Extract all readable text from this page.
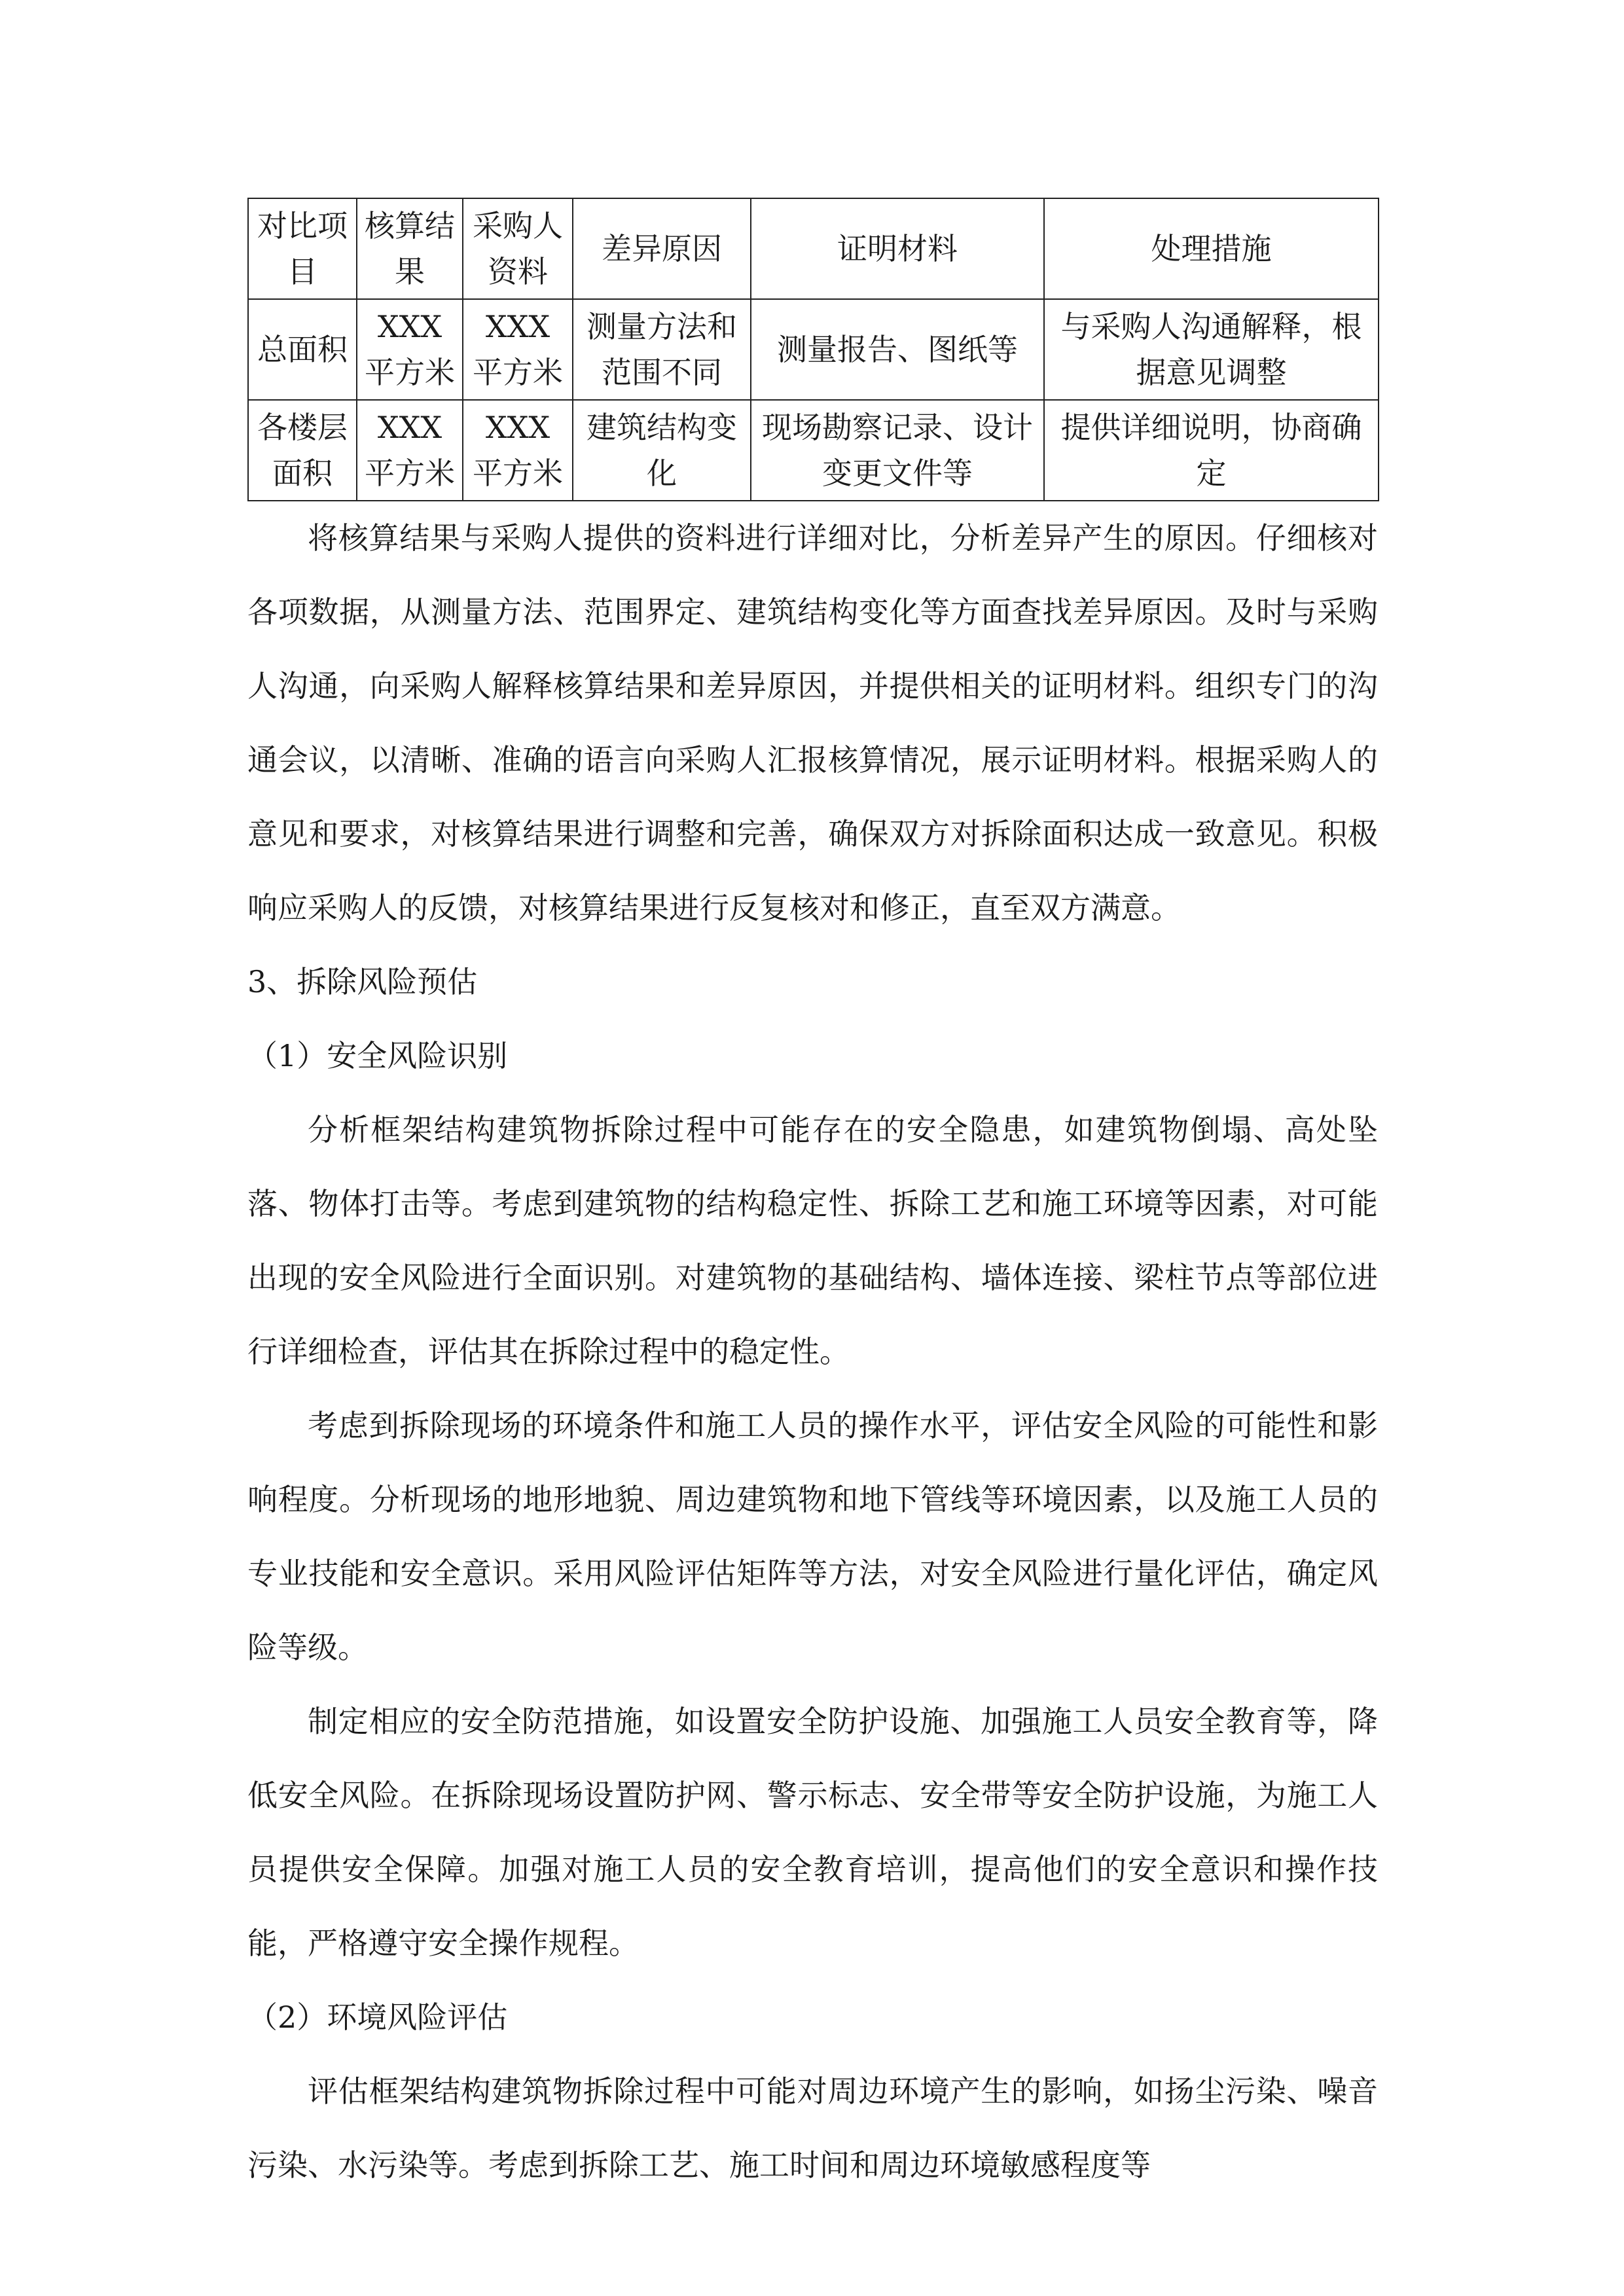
对比项目	核算结果	采购人资料	差异原因	证明材料	处理措施
总面积	XXX 平方米	XXX 平方米	测量方法和范围不同	测量报告、图纸等	与采购人沟通解释，根据意见调整
各楼层面积	XXX 平方米	XXX 平方米	建筑结构变化	现场勘察记录、设计变更文件等	提供详细说明，协商确定

将核算结果与采购人提供的资料进行详细对比，分析差异产生的原因。仔细核对各项数据，从测量方法、范围界定、建筑结构变化等方面查找差异原因。及时与采购人沟通，向采购人解释核算结果和差异原因，并提供相关的证明材料。组织专门的沟通会议，以清晰、准确的语言向采购人汇报核算情况，展示证明材料。根据采购人的意见和要求，对核算结果进行调整和完善，确保双方对拆除面积达成一致意见。积极响应采购人的反馈，对核算结果进行反复核对和修正，直至双方满意。

3、拆除风险预估
（1）安全风险识别

分析框架结构建筑物拆除过程中可能存在的安全隐患，如建筑物倒塌、高处坠落、物体打击等。考虑到建筑物的结构稳定性、拆除工艺和施工环境等因素，对可能出现的安全风险进行全面识别。对建筑物的基础结构、墙体连接、梁柱节点等部位进行详细检查，评估其在拆除过程中的稳定性。

考虑到拆除现场的环境条件和施工人员的操作水平，评估安全风险的可能性和影响程度。分析现场的地形地貌、周边建筑物和地下管线等环境因素，以及施工人员的专业技能和安全意识。采用风险评估矩阵等方法，对安全风险进行量化评估，确定风险等级。

制定相应的安全防范措施，如设置安全防护设施、加强施工人员安全教育等，降低安全风险。在拆除现场设置防护网、警示标志、安全带等安全防护设施，为施工人员提供安全保障。加强对施工人员的安全教育培训，提高他们的安全意识和操作技能，严格遵守安全操作规程。

（2）环境风险评估

评估框架结构建筑物拆除过程中可能对周边环境产生的影响，如扬尘污染、噪音污染、水污染等。考虑到拆除工艺、施工时间和周边环境敏感程度等
